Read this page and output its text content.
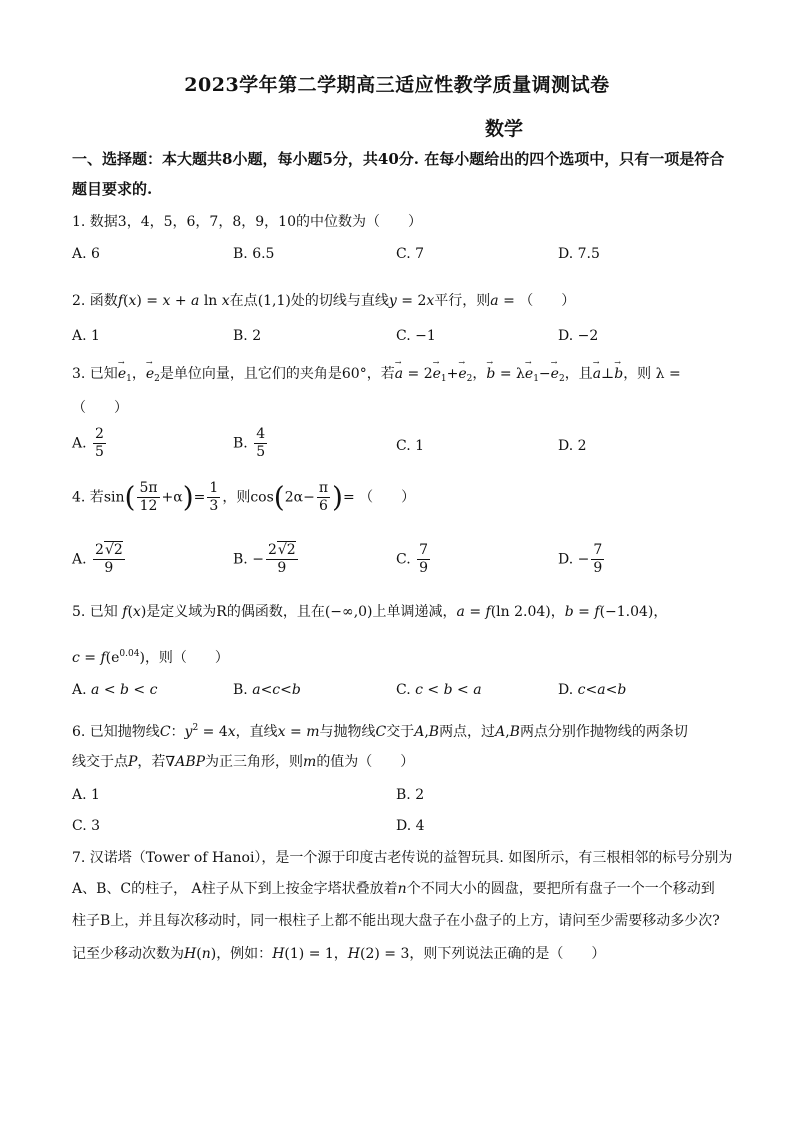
2023学年第二学期高三适应性教学质量调测试卷
数学
一、选择题：本大题共8小题，每小题5分，共40分. 在每小题给出的四个选项中，只有一项是符合题目要求的.
1. 数据3，4，5，6，7，8，9，10的中位数为（　　）
A. 6	B. 6.5	C. 7	D. 7.5
2. 函数f(x) = x + a ln x在点(1,1)处的切线与直线y = 2x平行，则a = （　　）
A. 1	B. 2	C. −1	D. −2
3. 已知→ $e_1$，→ $e_2$是单位向量，且它们的夹角是60°，若→ $a = 2\to e_1+\to e_2$，→ $b = \lambda\to e_1-\to e_2$，且→ a⊥→ b，则 λ =
（　　）
A. $\frac{2}{5}$	B. $\frac{4}{5}$	C. 1	D. 2
4. 若$\sin( \frac{5\pi}{12} +\alpha)= \frac{1}{3}$ ，则$\cos(2\alpha- \frac{\pi}{6}$ )= （　　）
A. $\frac{2√2}{9}$	B. − $\frac{2√2}{9}$	C. $\frac{7}{9}$	D. − $\frac{7}{9}$
5. 已知 f(x)是定义域为R的偶函数，且在(−∞,0)上单调递减，a = f(ln 2.04)，b = f(−1.04)，
$c = f(e^{0.04})$，则（　　）
A. a < b < c	B. a<c<b	C. c < b < a	D. c<a<b
6. 已知抛物线C：$y^2 = 4x$，直线x = m与抛物线C交于A,B两点，过A,B两点分别作抛物线的两条切
线交于点P，若∇ABP为正三角形，则m的值为（　　）
A. 1	B. 2
C. 3	D. 4
7. 汉诺塔（Tower of Hanoi），是一个源于印度古老传说的益智玩具. 如图所示，有三根相邻的标号分别为
A、B、C的柱子， A柱子从下到上按金字塔状叠放着n个不同大小的圆盘，要把所有盘子一个一个移动到
柱子B上，并且每次移动时，同一根柱子上都不能出现大盘子在小盘子的上方，请问至少需要移动多少次?
记至少移动次数为H(n)，例如：H(1) = 1，H(2) = 3，则下列说法正确的是（　　）
